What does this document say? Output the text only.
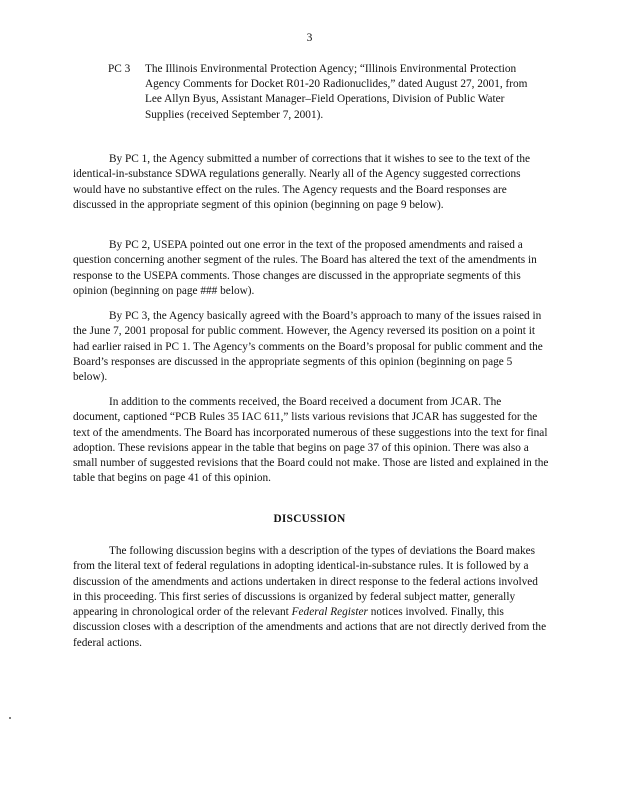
3
PC 3 The Illinois Environmental Protection Agency; “Illinois Environmental Protection Agency Comments for Docket R01-20 Radionuclides,” dated August 27, 2001, from Lee Allyn Byus, Assistant Manager–Field Operations, Division of Public Water Supplies (received September 7, 2001).

By PC 1, the Agency submitted a number of corrections that it wishes to see to the text of the identical-in-substance SDWA regulations generally. Nearly all of the Agency suggested corrections would have no substantive effect on the rules. The Agency requests and the Board responses are discussed in the appropriate segment of this opinion (beginning on page 9 below).

By PC 2, USEPA pointed out one error in the text of the proposed amendments and raised a question concerning another segment of the rules. The Board has altered the text of the amendments in response to the USEPA comments. Those changes are discussed in the appropriate segments of this opinion (beginning on page ### below).

By PC 3, the Agency basically agreed with the Board’s approach to many of the issues raised in the June 7, 2001 proposal for public comment. However, the Agency reversed its position on a point it had earlier raised in PC 1. The Agency’s comments on the Board’s proposal for public comment and the Board’s responses are discussed in the appropriate segments of this opinion (beginning on page 5 below).

In addition to the comments received, the Board received a document from JCAR. The document, captioned “PCB Rules 35 IAC 611,” lists various revisions that JCAR has suggested for the text of the amendments. The Board has incorporated numerous of these suggestions into the text for final adoption. These revisions appear in the table that begins on page 37 of this opinion. There was also a small number of suggested revisions that the Board could not make. Those are listed and explained in the table that begins on page 41 of this opinion.

DISCUSSION

The following discussion begins with a description of the types of deviations the Board makes from the literal text of federal regulations in adopting identical-in-substance rules. It is followed by a discussion of the amendments and actions undertaken in direct response to the federal actions involved in this proceeding. This first series of discussions is organized by federal subject matter, generally appearing in chronological order of the relevant Federal Register notices involved. Finally, this discussion closes with a description of the amendments and actions that are not directly derived from the federal actions.
